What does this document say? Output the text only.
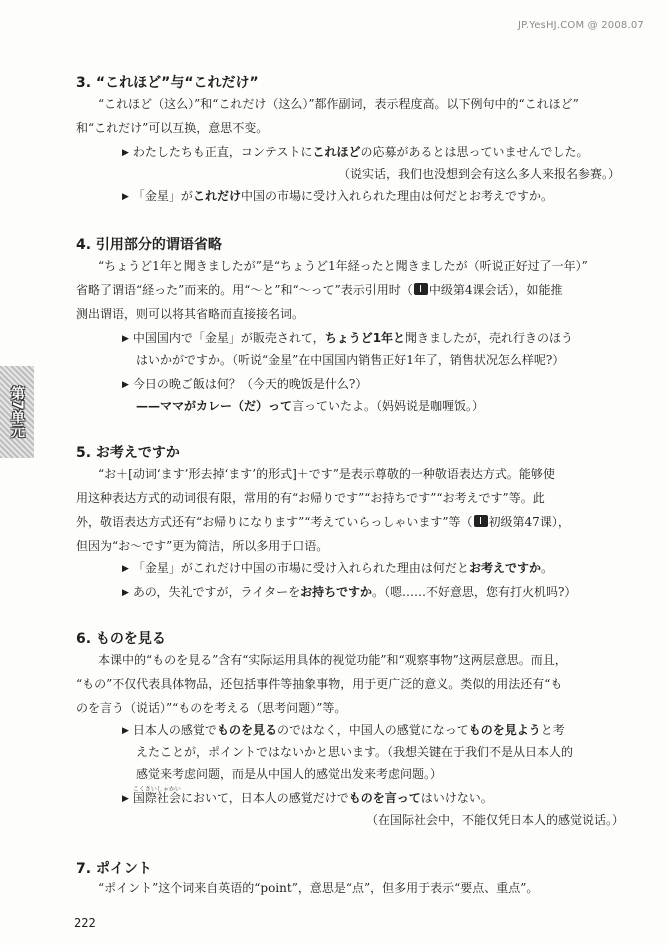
JP.YesHJ.COM @ 2008.07
第7单元
3. “これほど”与“これだけ”
“これほど（这么）”和“これだけ（这么）”都作副词，表示程度高。以下例句中的“これほど”
和“これだけ”可以互换，意思不变。
▶ わたしたちも正直，コンテストにこれほどの応募があるとは思っていませんでした。
（说实话，我们也没想到会有这么多人来报名参赛。）
▶ 「金星」がこれだけ中国の市場に受け入れられた理由は何だとお考えですか。
4. 引用部分的谓语省略
“ちょうど1年と聞きましたが”是“ちょうど1年経ったと聞きましたが（听说正好过了一年）”
省略了谓语“経った”而来的。用“～と”和“～って”表示引用时（ 中级第4课会话），如能推
测出谓语，则可以将其省略而直接接名词。
▶ 中国国内で「金星」が販売されて，ちょうど1年と聞きましたが，売れ行きのほう
はいかがですか。（听说“金星”在中国国内销售正好1年了，销售状况怎么样呢?）
▶ 今日の晩ご飯は何？（今天的晚饭是什么?）
——ママがカレー（だ）って言っていたよ。（妈妈说是咖喱饭。）
5. お考えですか
“お＋[动词‘ます’形去掉‘ます’的形式]＋です”是表示尊敬的一种敬语表达方式。能够使
用这种表达方式的动词很有限，常用的有“お帰りです”“お持ちです”“お考えです”等。此
外，敬语表达方式还有“お帰りになります”“考えていらっしゃいます”等（ 初级第47课），
但因为“お～です”更为简洁，所以多用于口语。
▶ 「金星」がこれだけ中国の市場に受け入れられた理由は何だとお考えですか。
▶ あの，失礼ですが，ライターをお持ちですか。（嗯……不好意思，您有打火机吗?）
6. ものを見る
本课中的“ものを見る”含有“实际运用具体的视觉功能”和“观察事物”这两层意思。而且，
“もの”不仅代表具体物品，还包括事件等抽象事物，用于更广泛的意义。类似的用法还有“も
のを言う（说话）”“ものを考える（思考问题）”等。
▶ 日本人の感覚でものを見るのではなく，中国人の感覚になってものを見ようと考
えたことが，ポイントではないかと思います。（我想关键在于我们不是从日本人的
感觉来考虑问题，而是从中国人的感觉出发来考虑问题。）
▶
こくさいしゃかい
国際社会において，日本人の感覚だけでものを言ってはいけない。
（在国际社会中，不能仅凭日本人的感觉说话。）
7. ポイント
“ポイント”这个词来自英语的“point”，意思是“点”，但多用于表示“要点、重点”。
222
